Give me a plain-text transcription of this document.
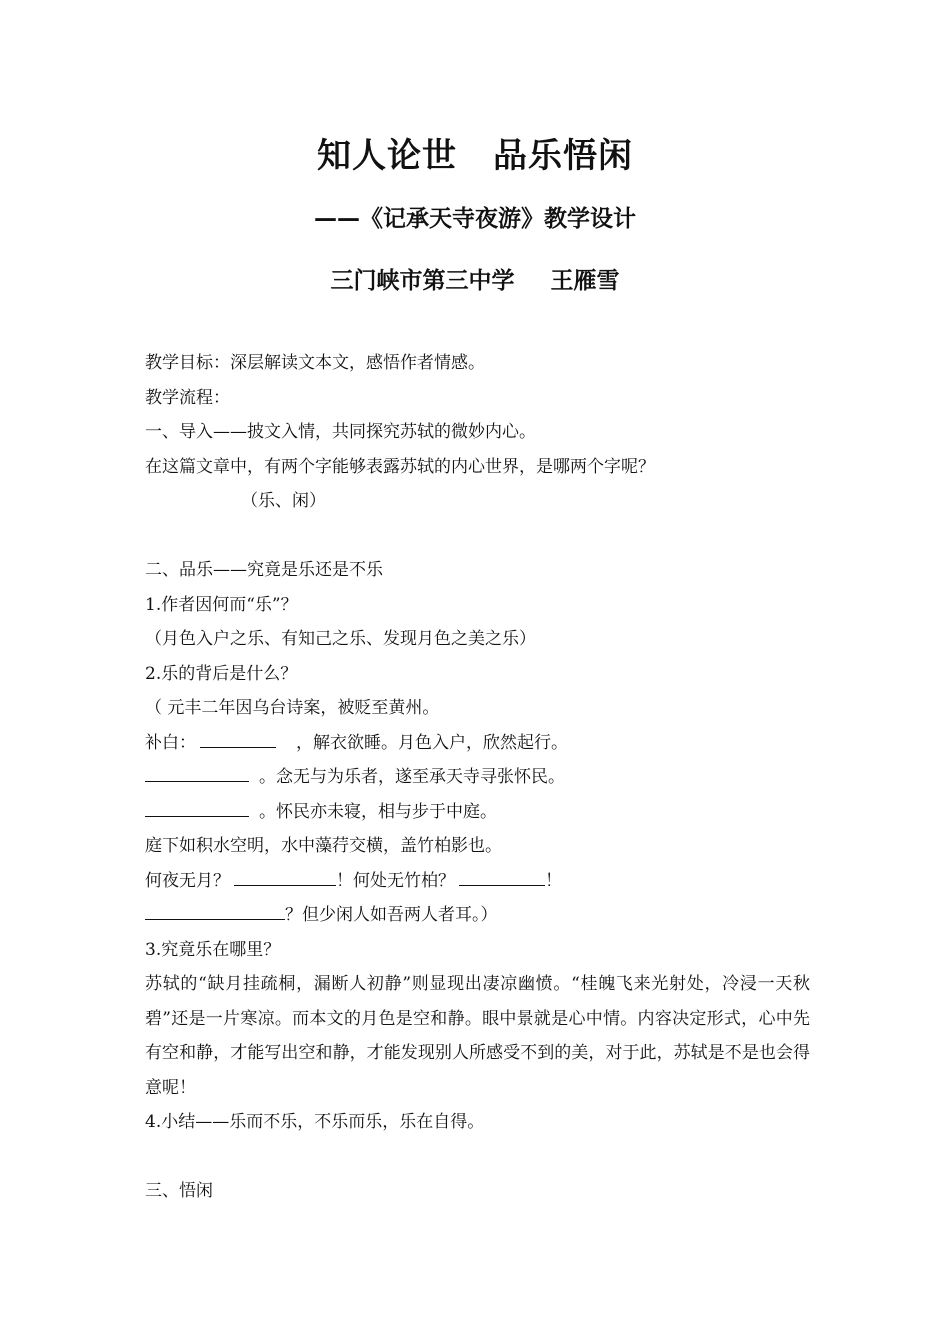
知人论世 品乐悟闲
——《记承天寺夜游》教学设计
三门峡市第三中学 王雁雪
教学目标：深层解读文本文，感悟作者情感。
教学流程：
一、导入——披文入情，共同探究苏轼的微妙内心。
在这篇文章中，有两个字能够表露苏轼的内心世界，是哪两个字呢？
（乐、闲）
二、品乐——究竟是乐还是不乐
1.作者因何而“乐”？
（月色入户之乐、有知己之乐、发现月色之美之乐）
2.乐的背后是什么？
（ 元丰二年因乌台诗案，被贬至黄州。
补白：	，解衣欲睡。月色入户，欣然起行。
。念无与为乐者，遂至承天寺寻张怀民。
。怀民亦未寝，相与步于中庭。
庭下如积水空明，水中藻荇交横，盖竹柏影也。
何夜无月？	！何处无竹柏？	！
？但少闲人如吾两人者耳。）
3.究竟乐在哪里？
苏轼的“缺月挂疏桐，漏断人初静”则显现出凄凉幽愤。“桂魄飞来光射处，冷浸一天秋碧”还是一片寒凉。而本文的月色是空和静。眼中景就是心中情。内容决定形式，心中先有空和静，才能写出空和静，才能发现别人所感受不到的美，对于此，苏轼是不是也会得意呢！
4.小结——乐而不乐，不乐而乐，乐在自得。
三、悟闲
